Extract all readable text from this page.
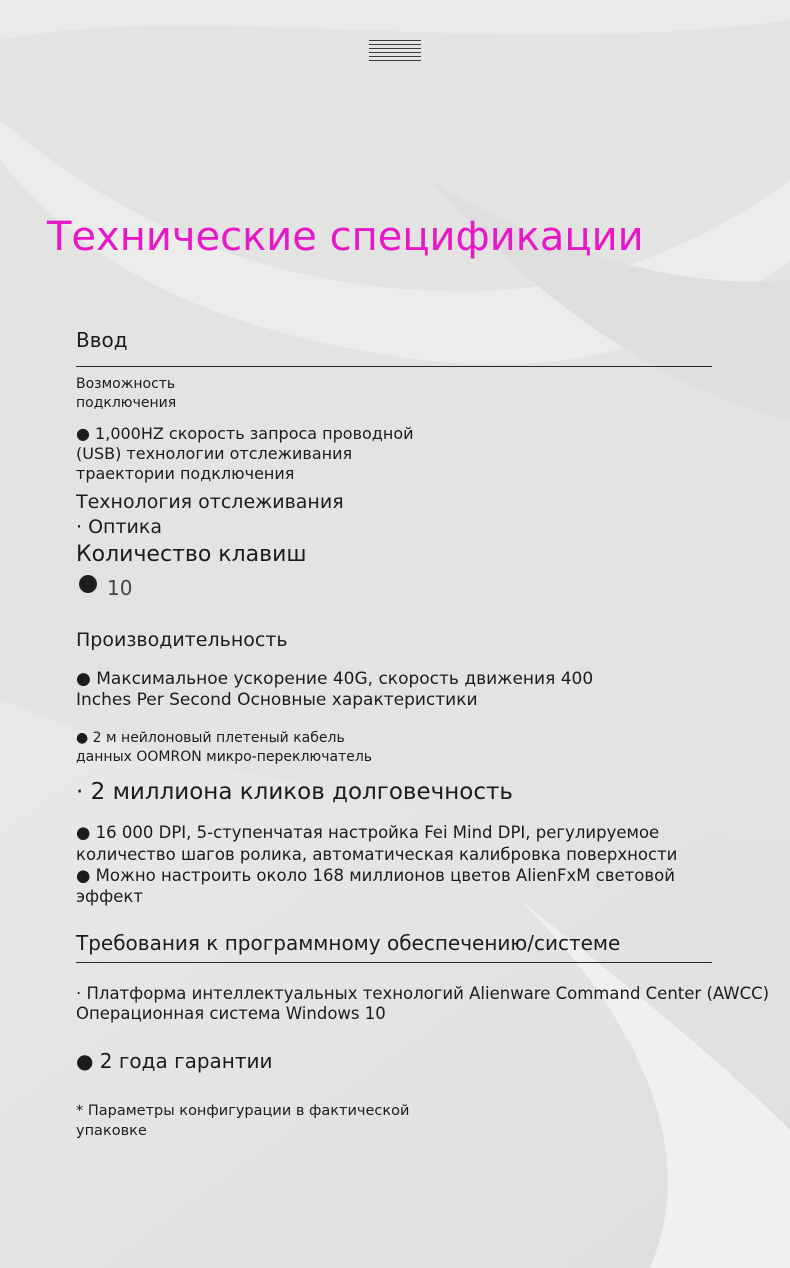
Технические спецификации
Ввод
Возможность
подключения
● 1,000HZ скорость запроса проводной
(USB) технологии отслеживания
траектории подключения
Технология отслеживания
· Оптика
Количество клавиш
10
Производительность
● Максимальное ускорение 40G, скорость движения 400
Inches Per Second Основные характеристики
● 2 м нейлоновый плетеный кабель
данных OOMRON микро-переключатель
· 2 миллиона кликов долговечность
● 16 000 DPI, 5-ступенчатая настройка Fei Mind DPI, регулируемое
количество шагов ролика, автоматическая калибровка поверхности
● Можно настроить около 168 миллионов цветов AlienFxM световой
эффект
Требования к программному обеспечению/системе
· Платформа интеллектуальных технологий Alienware Command Center (AWCC)
Операционная система Windows 10
● 2 года гарантии
* Параметры конфигурации в фактической
упаковке
